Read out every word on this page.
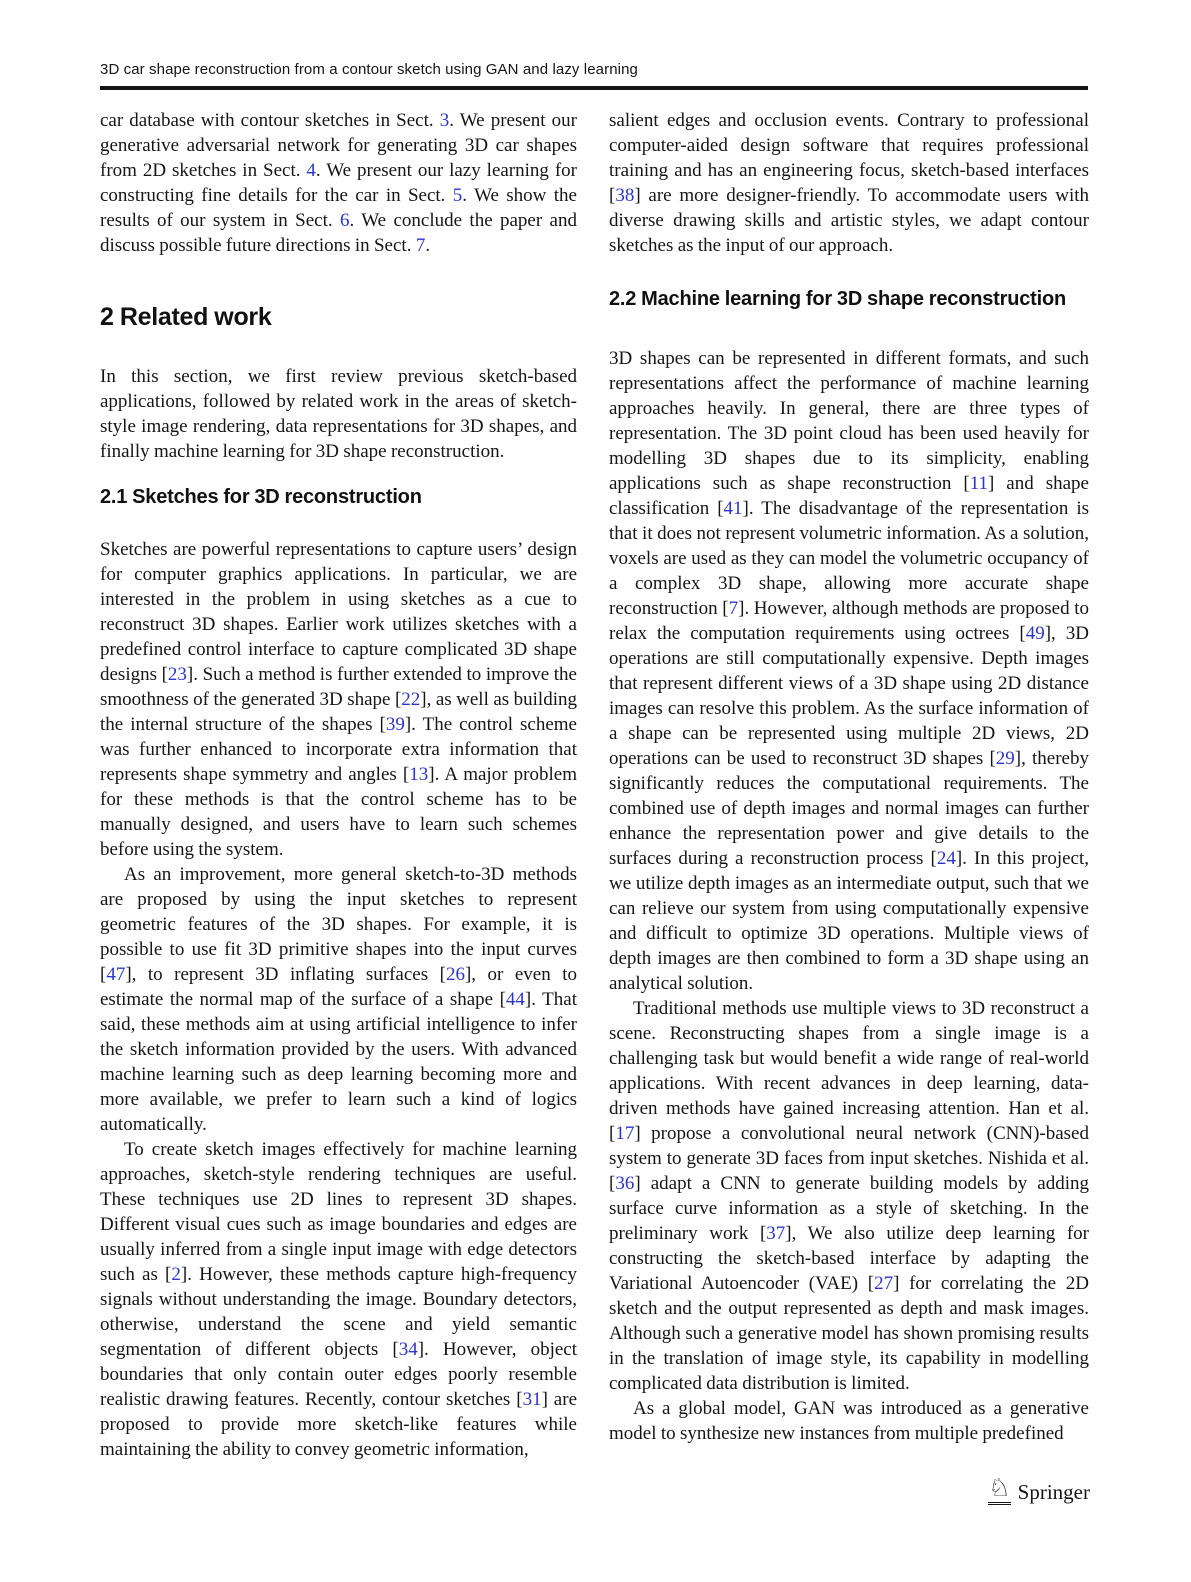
3D car shape reconstruction from a contour sketch using GAN and lazy learning

car database with contour sketches in Sect. 3. We present our generative adversarial network for generating 3D car shapes from 2D sketches in Sect. 4. We present our lazy learning for constructing fine details for the car in Sect. 5. We show the results of our system in Sect. 6. We conclude the paper and discuss possible future directions in Sect. 7.

2 Related work

In this section, we first review previous sketch-based applications, followed by related work in the areas of sketch-style image rendering, data representations for 3D shapes, and finally machine learning for 3D shape reconstruction.

2.1 Sketches for 3D reconstruction

Sketches are powerful representations to capture users’ design for computer graphics applications. In particular, we are interested in the problem in using sketches as a cue to reconstruct 3D shapes. Earlier work utilizes sketches with a predefined control interface to capture complicated 3D shape designs [23]. Such a method is further extended to improve the smoothness of the generated 3D shape [22], as well as building the internal structure of the shapes [39]. The control scheme was further enhanced to incorporate extra information that represents shape symmetry and angles [13]. A major problem for these methods is that the control scheme has to be manually designed, and users have to learn such schemes before using the system.

As an improvement, more general sketch-to-3D methods are proposed by using the input sketches to represent geometric features of the 3D shapes. For example, it is possible to use fit 3D primitive shapes into the input curves [47], to represent 3D inflating surfaces [26], or even to estimate the normal map of the surface of a shape [44]. That said, these methods aim at using artificial intelligence to infer the sketch information provided by the users. With advanced machine learning such as deep learning becoming more and more available, we prefer to learn such a kind of logics automatically.

To create sketch images effectively for machine learning approaches, sketch-style rendering techniques are useful. These techniques use 2D lines to represent 3D shapes. Different visual cues such as image boundaries and edges are usually inferred from a single input image with edge detectors such as [2]. However, these methods capture high-frequency signals without understanding the image. Boundary detectors, otherwise, understand the scene and yield semantic segmentation of different objects [34]. However, object boundaries that only contain outer edges poorly resemble realistic drawing features. Recently, contour sketches [31] are proposed to provide more sketch-like features while maintaining the ability to convey geometric information,

salient edges and occlusion events. Contrary to professional computer-aided design software that requires professional training and has an engineering focus, sketch-based interfaces [38] are more designer-friendly. To accommodate users with diverse drawing skills and artistic styles, we adapt contour sketches as the input of our approach.

2.2 Machine learning for 3D shape reconstruction

3D shapes can be represented in different formats, and such representations affect the performance of machine learning approaches heavily. In general, there are three types of representation. The 3D point cloud has been used heavily for modelling 3D shapes due to its simplicity, enabling applications such as shape reconstruction [11] and shape classification [41]. The disadvantage of the representation is that it does not represent volumetric information. As a solution, voxels are used as they can model the volumetric occupancy of a complex 3D shape, allowing more accurate shape reconstruction [7]. However, although methods are proposed to relax the computation requirements using octrees [49], 3D operations are still computationally expensive. Depth images that represent different views of a 3D shape using 2D distance images can resolve this problem. As the surface information of a shape can be represented using multiple 2D views, 2D operations can be used to reconstruct 3D shapes [29], thereby significantly reduces the computational requirements. The combined use of depth images and normal images can further enhance the representation power and give details to the surfaces during a reconstruction process [24]. In this project, we utilize depth images as an intermediate output, such that we can relieve our system from using computationally expensive and difficult to optimize 3D operations. Multiple views of depth images are then combined to form a 3D shape using an analytical solution.

Traditional methods use multiple views to 3D reconstruct a scene. Reconstructing shapes from a single image is a challenging task but would benefit a wide range of real-world applications. With recent advances in deep learning, data-driven methods have gained increasing attention. Han et al. [17] propose a convolutional neural network (CNN)-based system to generate 3D faces from input sketches. Nishida et al. [36] adapt a CNN to generate building models by adding surface curve information as a style of sketching. In the preliminary work [37], We also utilize deep learning for constructing the sketch-based interface by adapting the Variational Autoencoder (VAE) [27] for correlating the 2D sketch and the output represented as depth and mask images. Although such a generative model has shown promising results in the translation of image style, its capability in modelling complicated data distribution is limited.

As a global model, GAN was introduced as a generative model to synthesize new instances from multiple predefined

♘ Springer
